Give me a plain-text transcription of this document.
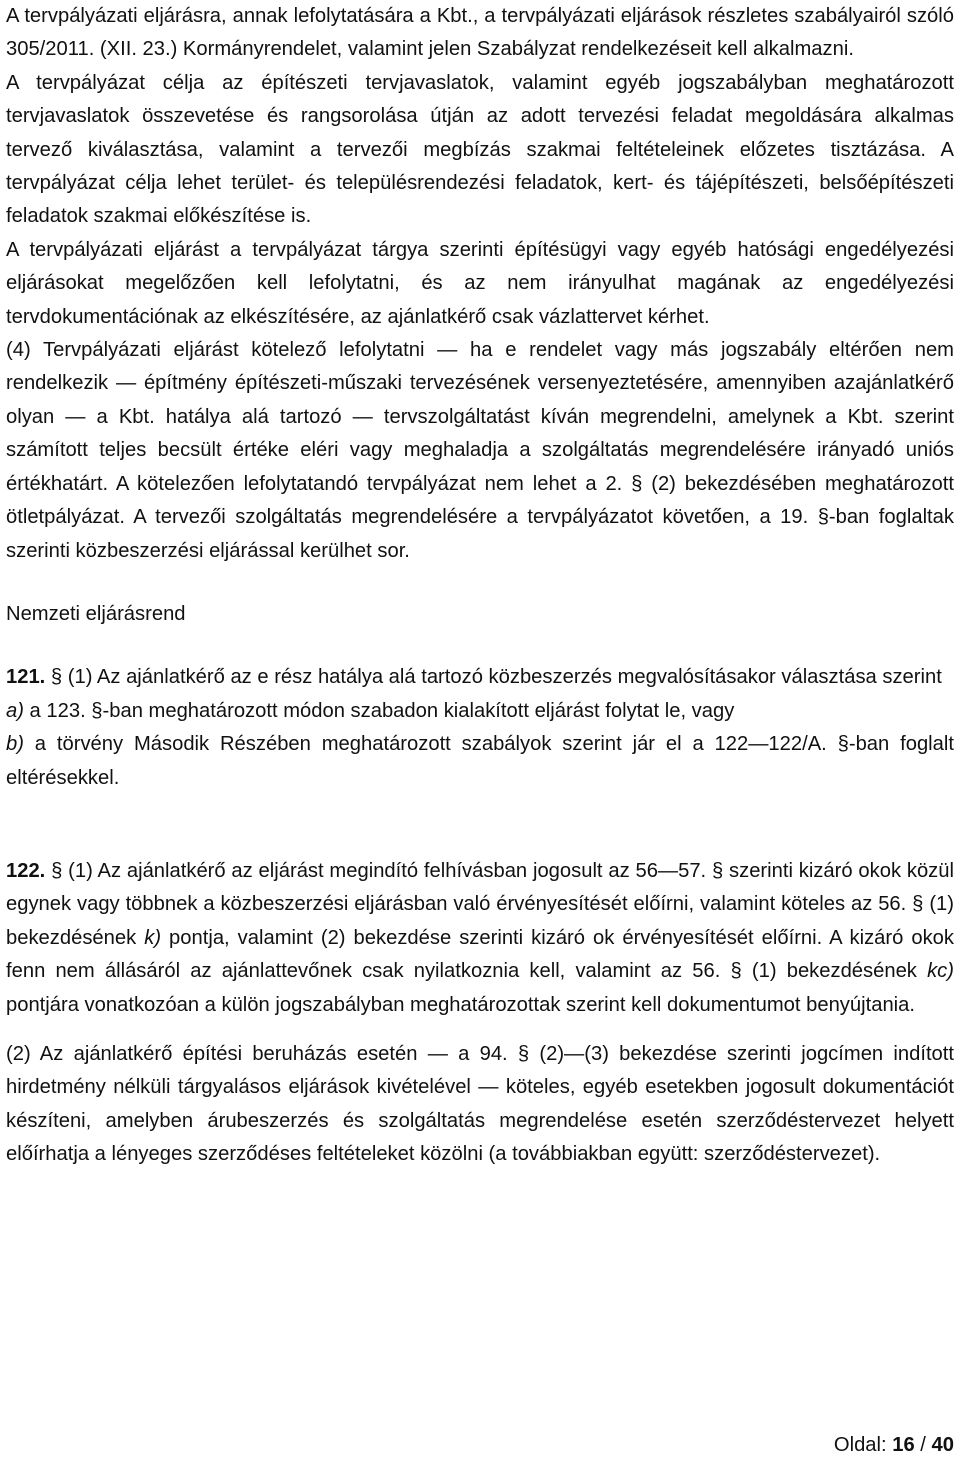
A tervpályázati eljárásra, annak lefolytatására a Kbt., a tervpályázati eljárások részletes szabályairól szóló 305/2011. (XII. 23.) Kormányrendelet, valamint jelen Szabályzat rendelkezéseit kell alkalmazni.

A tervpályázat célja az építészeti tervjavaslatok, valamint egyéb jogszabályban meghatározott tervjavaslatok összevetése és rangsorolása útján az adott tervezési feladat megoldására alkalmas tervező kiválasztása, valamint a tervezői megbízás szakmai feltételeinek előzetes tisztázása. A tervpályázat célja lehet terület- és településrendezési feladatok, kert- és tájépítészeti, belsőépítészeti feladatok szakmai előkészítése is.

A tervpályázati eljárást a tervpályázat tárgya szerinti építésügyi vagy egyéb hatósági engedélyezési eljárásokat megelőzően kell lefolytatni, és az nem irányulhat magának az engedélyezési tervdokumentációnak az elkészítésére, az ajánlatkérő csak vázlattervet kérhet.

(4) Tervpályázati eljárást kötelező lefolytatni — ha e rendelet vagy más jogszabály eltérően nem rendelkezik — építmény építészeti-műszaki tervezésének versenyeztetésére, amennyiben azajánlatkérő olyan — a Kbt. hatálya alá tartozó — tervszolgáltatást kíván megrendelni, amelynek a Kbt. szerint számított teljes becsült értéke eléri vagy meghaladja a szolgáltatás megrendelésére irányadó uniós értékhatárt. A kötelezően lefolytatandó tervpályázat nem lehet a 2. § (2) bekezdésében meghatározott ötletpályázat. A tervezői szolgáltatás megrendelésére a tervpályázatot követően, a 19. §-ban foglaltak szerinti közbeszerzési eljárással kerülhet sor.

Nemzeti eljárásrend

121. § (1) Az ajánlatkérő az e rész hatálya alá tartozó közbeszerzés megvalósításakor választása szerint

a) a 123. §-ban meghatározott módon szabadon kialakított eljárást folytat le, vagy

b) a törvény Második Részében meghatározott szabályok szerint jár el a 122—122/A. §-ban foglalt eltérésekkel.

122. § (1) Az ajánlatkérő az eljárást megindító felhívásban jogosult az 56—57. § szerinti kizáró okok közül egynek vagy többnek a közbeszerzési eljárásban való érvényesítését előírni, valamint köteles az 56. § (1) bekezdésének k) pontja, valamint (2) bekezdése szerinti kizáró ok érvényesítését előírni. A kizáró okok fenn nem állásáról az ajánlattevőnek csak nyilatkoznia kell, valamint az 56. § (1) bekezdésének kc) pontjára vonatkozóan a külön jogszabályban meghatározottak szerint kell dokumentumot benyújtania.

(2) Az ajánlatkérő építési beruházás esetén — a 94. § (2)—(3) bekezdése szerinti jogcímen indított hirdetmény nélküli tárgyalásos eljárások kivételével — köteles, egyéb esetekben jogosult dokumentációt készíteni, amelyben árubeszerzés és szolgáltatás megrendelése esetén szerződéstervezet helyett előírhatja a lényeges szerződéses feltételeket közölni (a továbbiakban együtt: szerződéstervezet).

Oldal: 16 / 40
